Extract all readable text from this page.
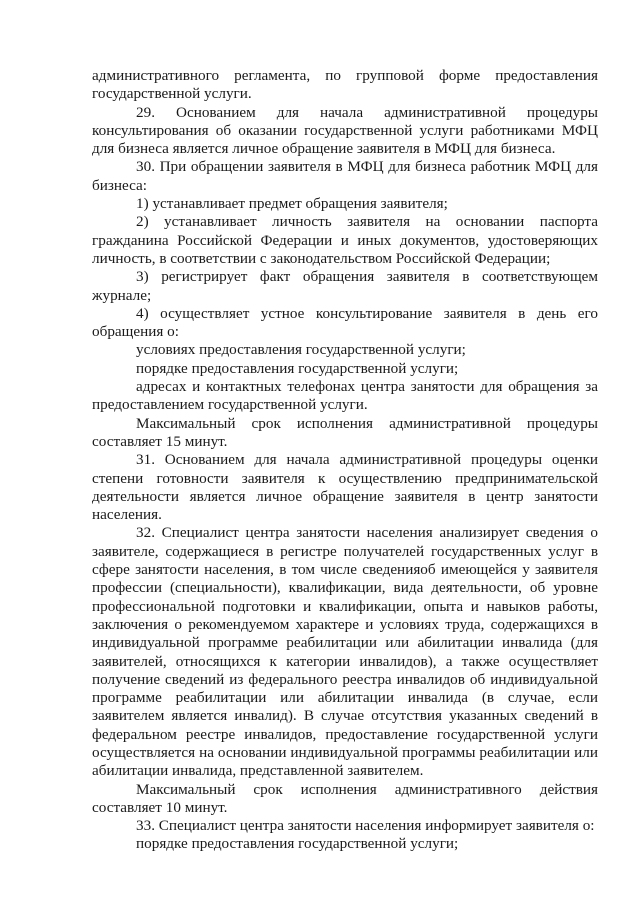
административного регламента, по групповой форме предоставления государственной услуги.

29. Основанием для начала административной процедуры консультирования об оказании государственной услуги работниками МФЦ для бизнеса является личное обращение заявителя в МФЦ для бизнеса.

30. При обращении заявителя в МФЦ для бизнеса работник МФЦ для бизнеса:

1) устанавливает предмет обращения заявителя;

2) устанавливает личность заявителя на основании паспорта гражданина Российской Федерации и иных документов, удостоверяющих личность, в соответствии с законодательством Российской Федерации;

3) регистрирует факт обращения заявителя в соответствующем журнале;

4) осуществляет устное консультирование заявителя в день его обращения о:

условиях предоставления государственной услуги;

порядке предоставления государственной услуги;

адресах и контактных телефонах центра занятости для обращения за предоставлением государственной услуги.

Максимальный срок исполнения административной процедуры составляет 15 минут.

31. Основанием для начала административной процедуры оценки степени готовности заявителя к осуществлению предпринимательской деятельности является личное обращение заявителя в центр занятости населения.

32. Специалист центра занятости населения анализирует сведения о заявителе, содержащиеся в регистре получателей государственных услуг в сфере занятости населения, в том числе сведенияоб имеющейся у заявителя профессии (специальности), квалификации, вида деятельности, об уровне профессиональной подготовки и квалификации, опыта и навыков работы, заключения о рекомендуемом характере и условиях труда, содержащихся в индивидуальной программе реабилитации или абилитации инвалида (для заявителей, относящихся к категории инвалидов), а также осуществляет получение сведений из федерального реестра инвалидов об индивидуальной программе реабилитации или абилитации инвалида (в случае, если заявителем является инвалид). В случае отсутствия указанных сведений в федеральном реестре инвалидов, предоставление государственной услуги осуществляется на основании индивидуальной программы реабилитации или абилитации инвалида, представленной заявителем.

Максимальный срок исполнения административного действия составляет 10 минут.

33. Специалист центра занятости населения информирует заявителя о:

порядке предоставления государственной услуги;
